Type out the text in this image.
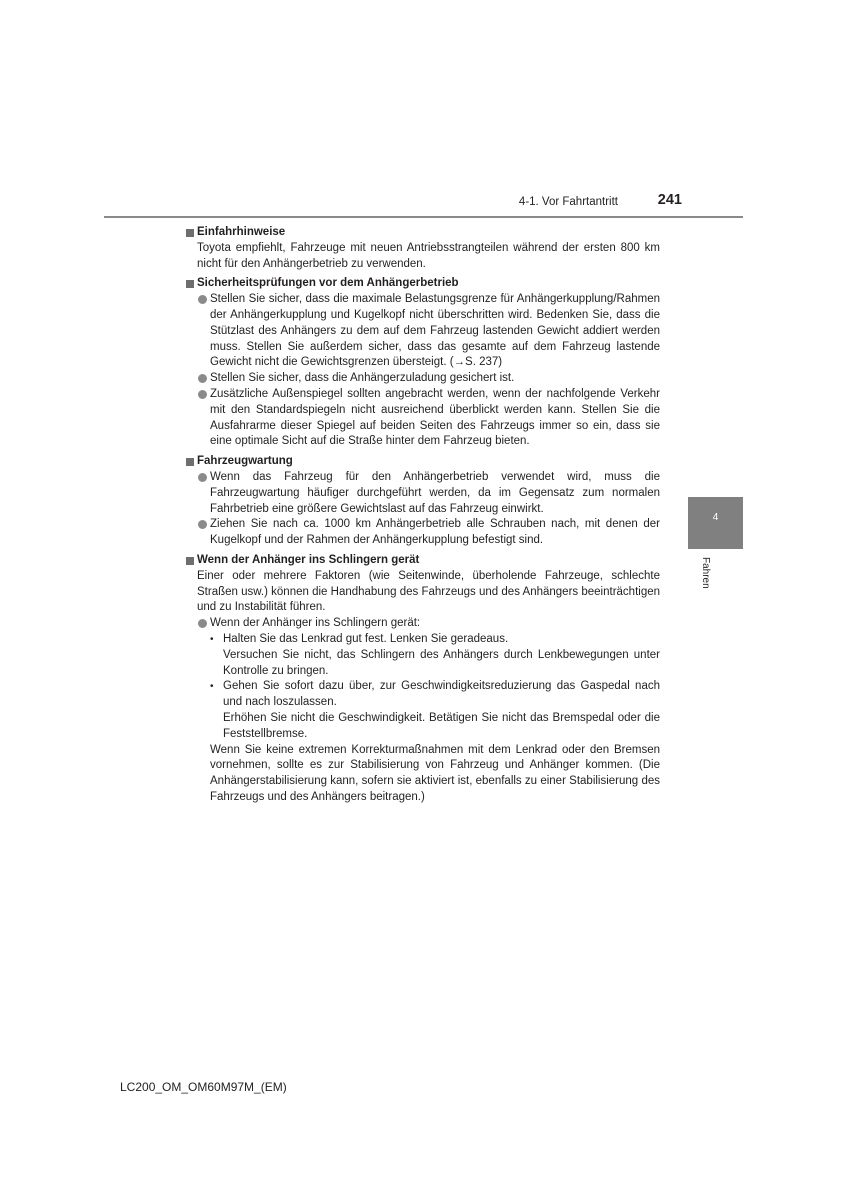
4-1. Vor Fahrtantritt	241
4
Fahren

Einfahrhinweise

Toyota empfiehlt, Fahrzeuge mit neuen Antriebsstrangteilen während der ersten 800 km nicht für den Anhängerbetrieb zu verwenden.

Sicherheitsprüfungen vor dem Anhängerbetrieb

Stellen Sie sicher, dass die maximale Belastungsgrenze für Anhängerkupplung/Rahmen der Anhängerkupplung und Kugelkopf nicht überschritten wird. Bedenken Sie, dass die Stützlast des Anhängers zu dem auf dem Fahrzeug lastenden Gewicht addiert werden muss. Stellen Sie außerdem sicher, dass das gesamte auf dem Fahrzeug lastende Gewicht nicht die Gewichtsgrenzen übersteigt. (→S. 237)

Stellen Sie sicher, dass die Anhängerzuladung gesichert ist.

Zusätzliche Außenspiegel sollten angebracht werden, wenn der nachfolgende Verkehr mit den Standardspiegeln nicht ausreichend überblickt werden kann. Stellen Sie die Ausfahrarme dieser Spiegel auf beiden Seiten des Fahrzeugs immer so ein, dass sie eine optimale Sicht auf die Straße hinter dem Fahrzeug bieten.

Fahrzeugwartung

Wenn das Fahrzeug für den Anhängerbetrieb verwendet wird, muss die Fahrzeugwartung häufiger durchgeführt werden, da im Gegensatz zum normalen Fahrbetrieb eine größere Gewichtslast auf das Fahrzeug einwirkt.

Ziehen Sie nach ca. 1000 km Anhängerbetrieb alle Schrauben nach, mit denen der Kugelkopf und der Rahmen der Anhängerkupplung befestigt sind.

Wenn der Anhänger ins Schlingern gerät

Einer oder mehrere Faktoren (wie Seitenwinde, überholende Fahrzeuge, schlechte Straßen usw.) können die Handhabung des Fahrzeugs und des Anhängers beeinträchtigen und zu Instabilität führen.

Wenn der Anhänger ins Schlingern gerät:

• Halten Sie das Lenkrad gut fest. Lenken Sie geradeaus.

Versuchen Sie nicht, das Schlingern des Anhängers durch Lenkbewegungen unter Kontrolle zu bringen.

• Gehen Sie sofort dazu über, zur Geschwindigkeitsreduzierung das Gaspedal nach und nach loszulassen.

Erhöhen Sie nicht die Geschwindigkeit. Betätigen Sie nicht das Bremspedal oder die Feststellbremse.

Wenn Sie keine extremen Korrekturmaßnahmen mit dem Lenkrad oder den Bremsen vornehmen, sollte es zur Stabilisierung von Fahrzeug und Anhänger kommen. (Die Anhängerstabilisierung kann, sofern sie aktiviert ist, ebenfalls zu einer Stabilisierung des Fahrzeugs und des Anhängers beitragen.)

LC200_OM_OM60M97M_(EM)
